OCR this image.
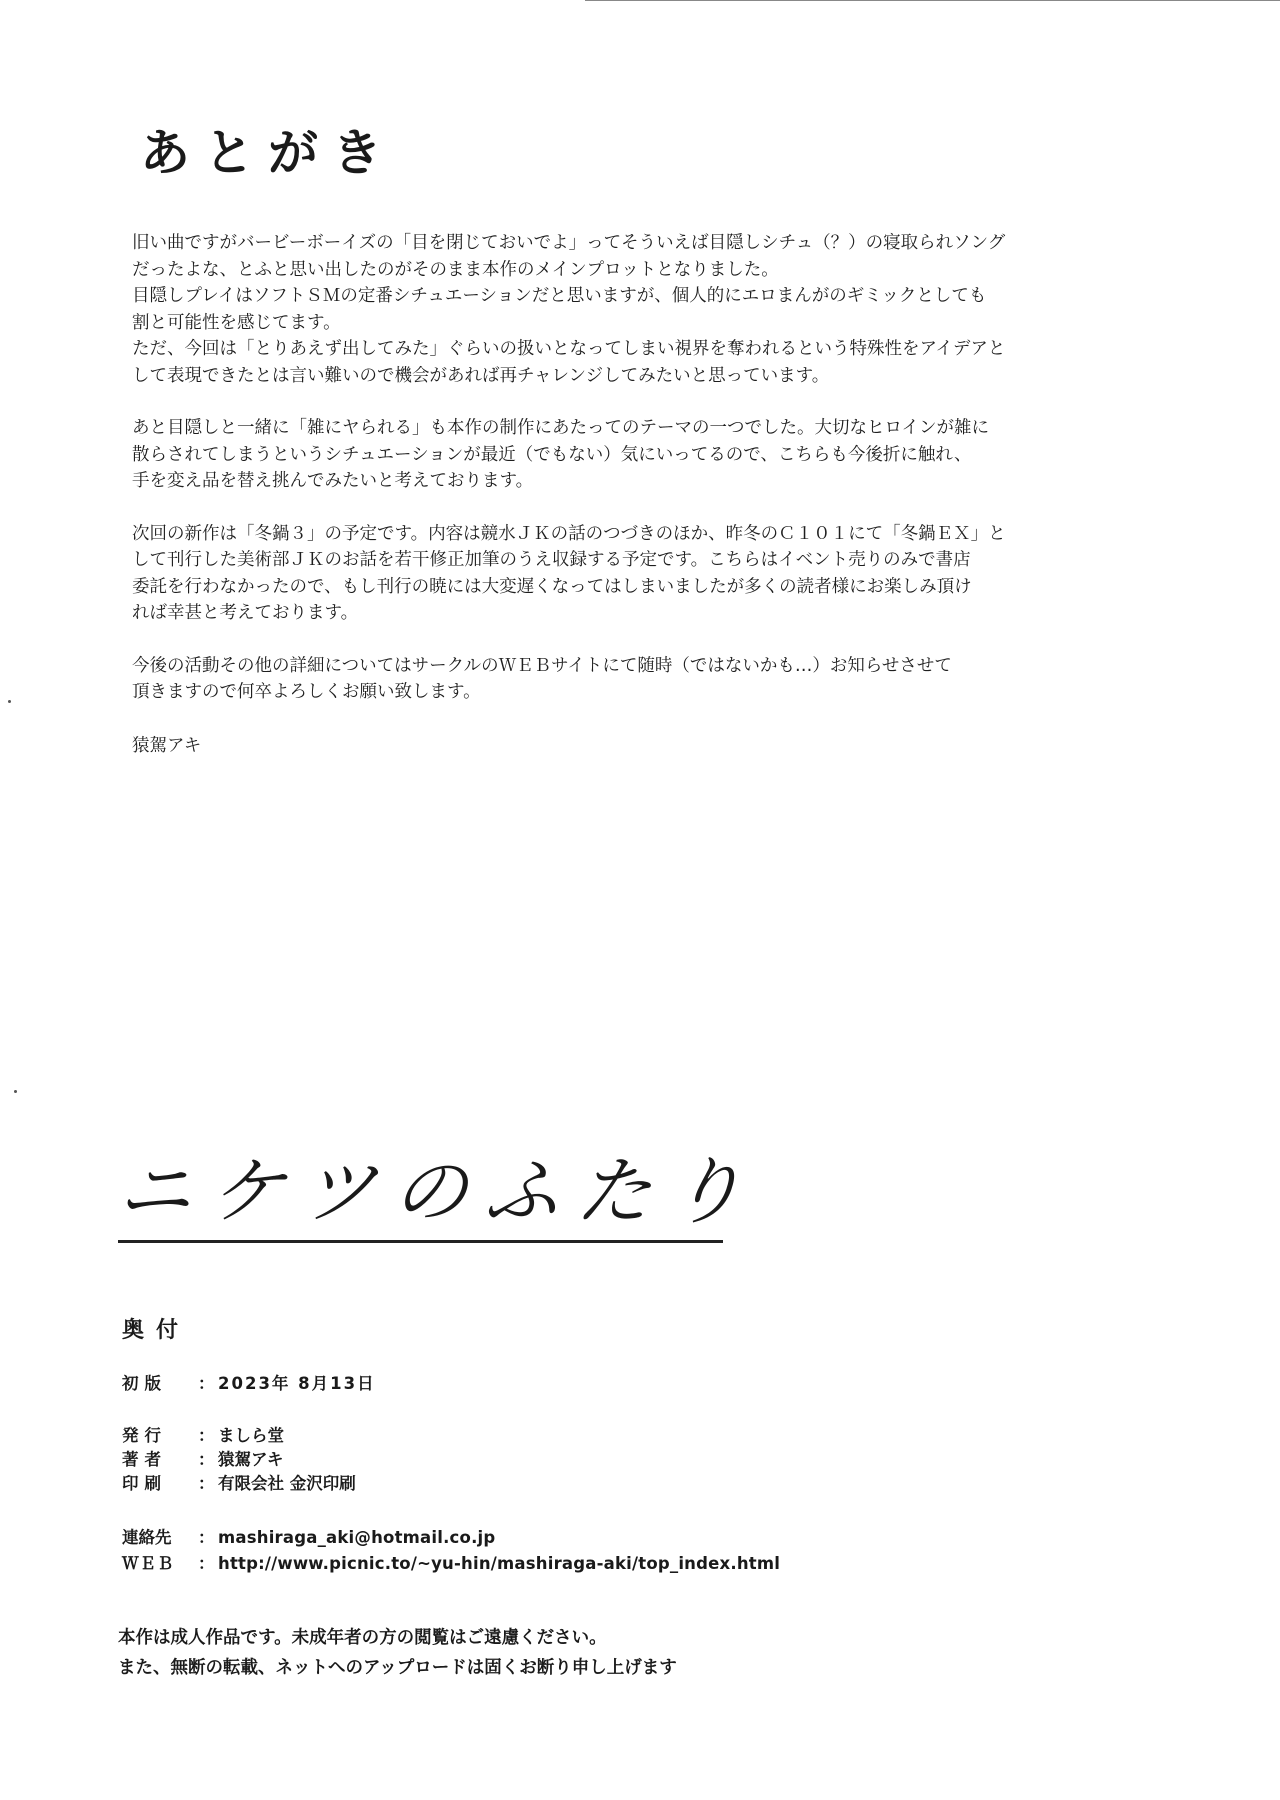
あとがき

旧い曲ですがバービーボーイズの「目を閉じておいでよ」ってそういえば目隠しシチュ（？）の寝取られソング
だったよな、とふと思い出したのがそのまま本作のメインプロットとなりました。
目隠しプレイはソフトＳＭの定番シチュエーションだと思いますが、個人的にエロまんがのギミックとしても
割と可能性を感じてます。
ただ、今回は「とりあえず出してみた」ぐらいの扱いとなってしまい視界を奪われるという特殊性をアイデアと
して表現できたとは言い難いので機会があれば再チャレンジしてみたいと思っています。

あと目隠しと一緒に「雑にヤられる」も本作の制作にあたってのテーマの一つでした。大切なヒロインが雑に
散らされてしまうというシチュエーションが最近（でもない）気にいってるので、こちらも今後折に触れ、
手を変え品を替え挑んでみたいと考えております。

次回の新作は「冬鍋３」の予定です。内容は競水ＪＫの話のつづきのほか、昨冬のＣ１０１にて「冬鍋ＥＸ」と
して刊行した美術部ＪＫのお話を若干修正加筆のうえ収録する予定です。こちらはイベント売りのみで書店
委託を行わなかったので、もし刊行の暁には大変遅くなってはしまいましたが多くの読者様にお楽しみ頂け
れば幸甚と考えております。

今後の活動その他の詳細についてはサークルのＷＥＢサイトにて随時（ではないかも…）お知らせさせて
頂きますので何卒よろしくお願い致します。

猿駕アキ
ニケツのふたり
奥付
初版	： 2023年 8月13日
発行	： ましら堂
著者	： 猿駕アキ
印刷	： 有限会社 金沢印刷
連絡先	： mashiraga_aki@hotmail.co.jp
ＷＥＢ	： http://www.picnic.to/~yu-hin/mashiraga-aki/top_index.html
本作は成人作品です。未成年者の方の閲覧はご遠慮ください。
また、無断の転載、ネットへのアップロードは固くお断り申し上げます
